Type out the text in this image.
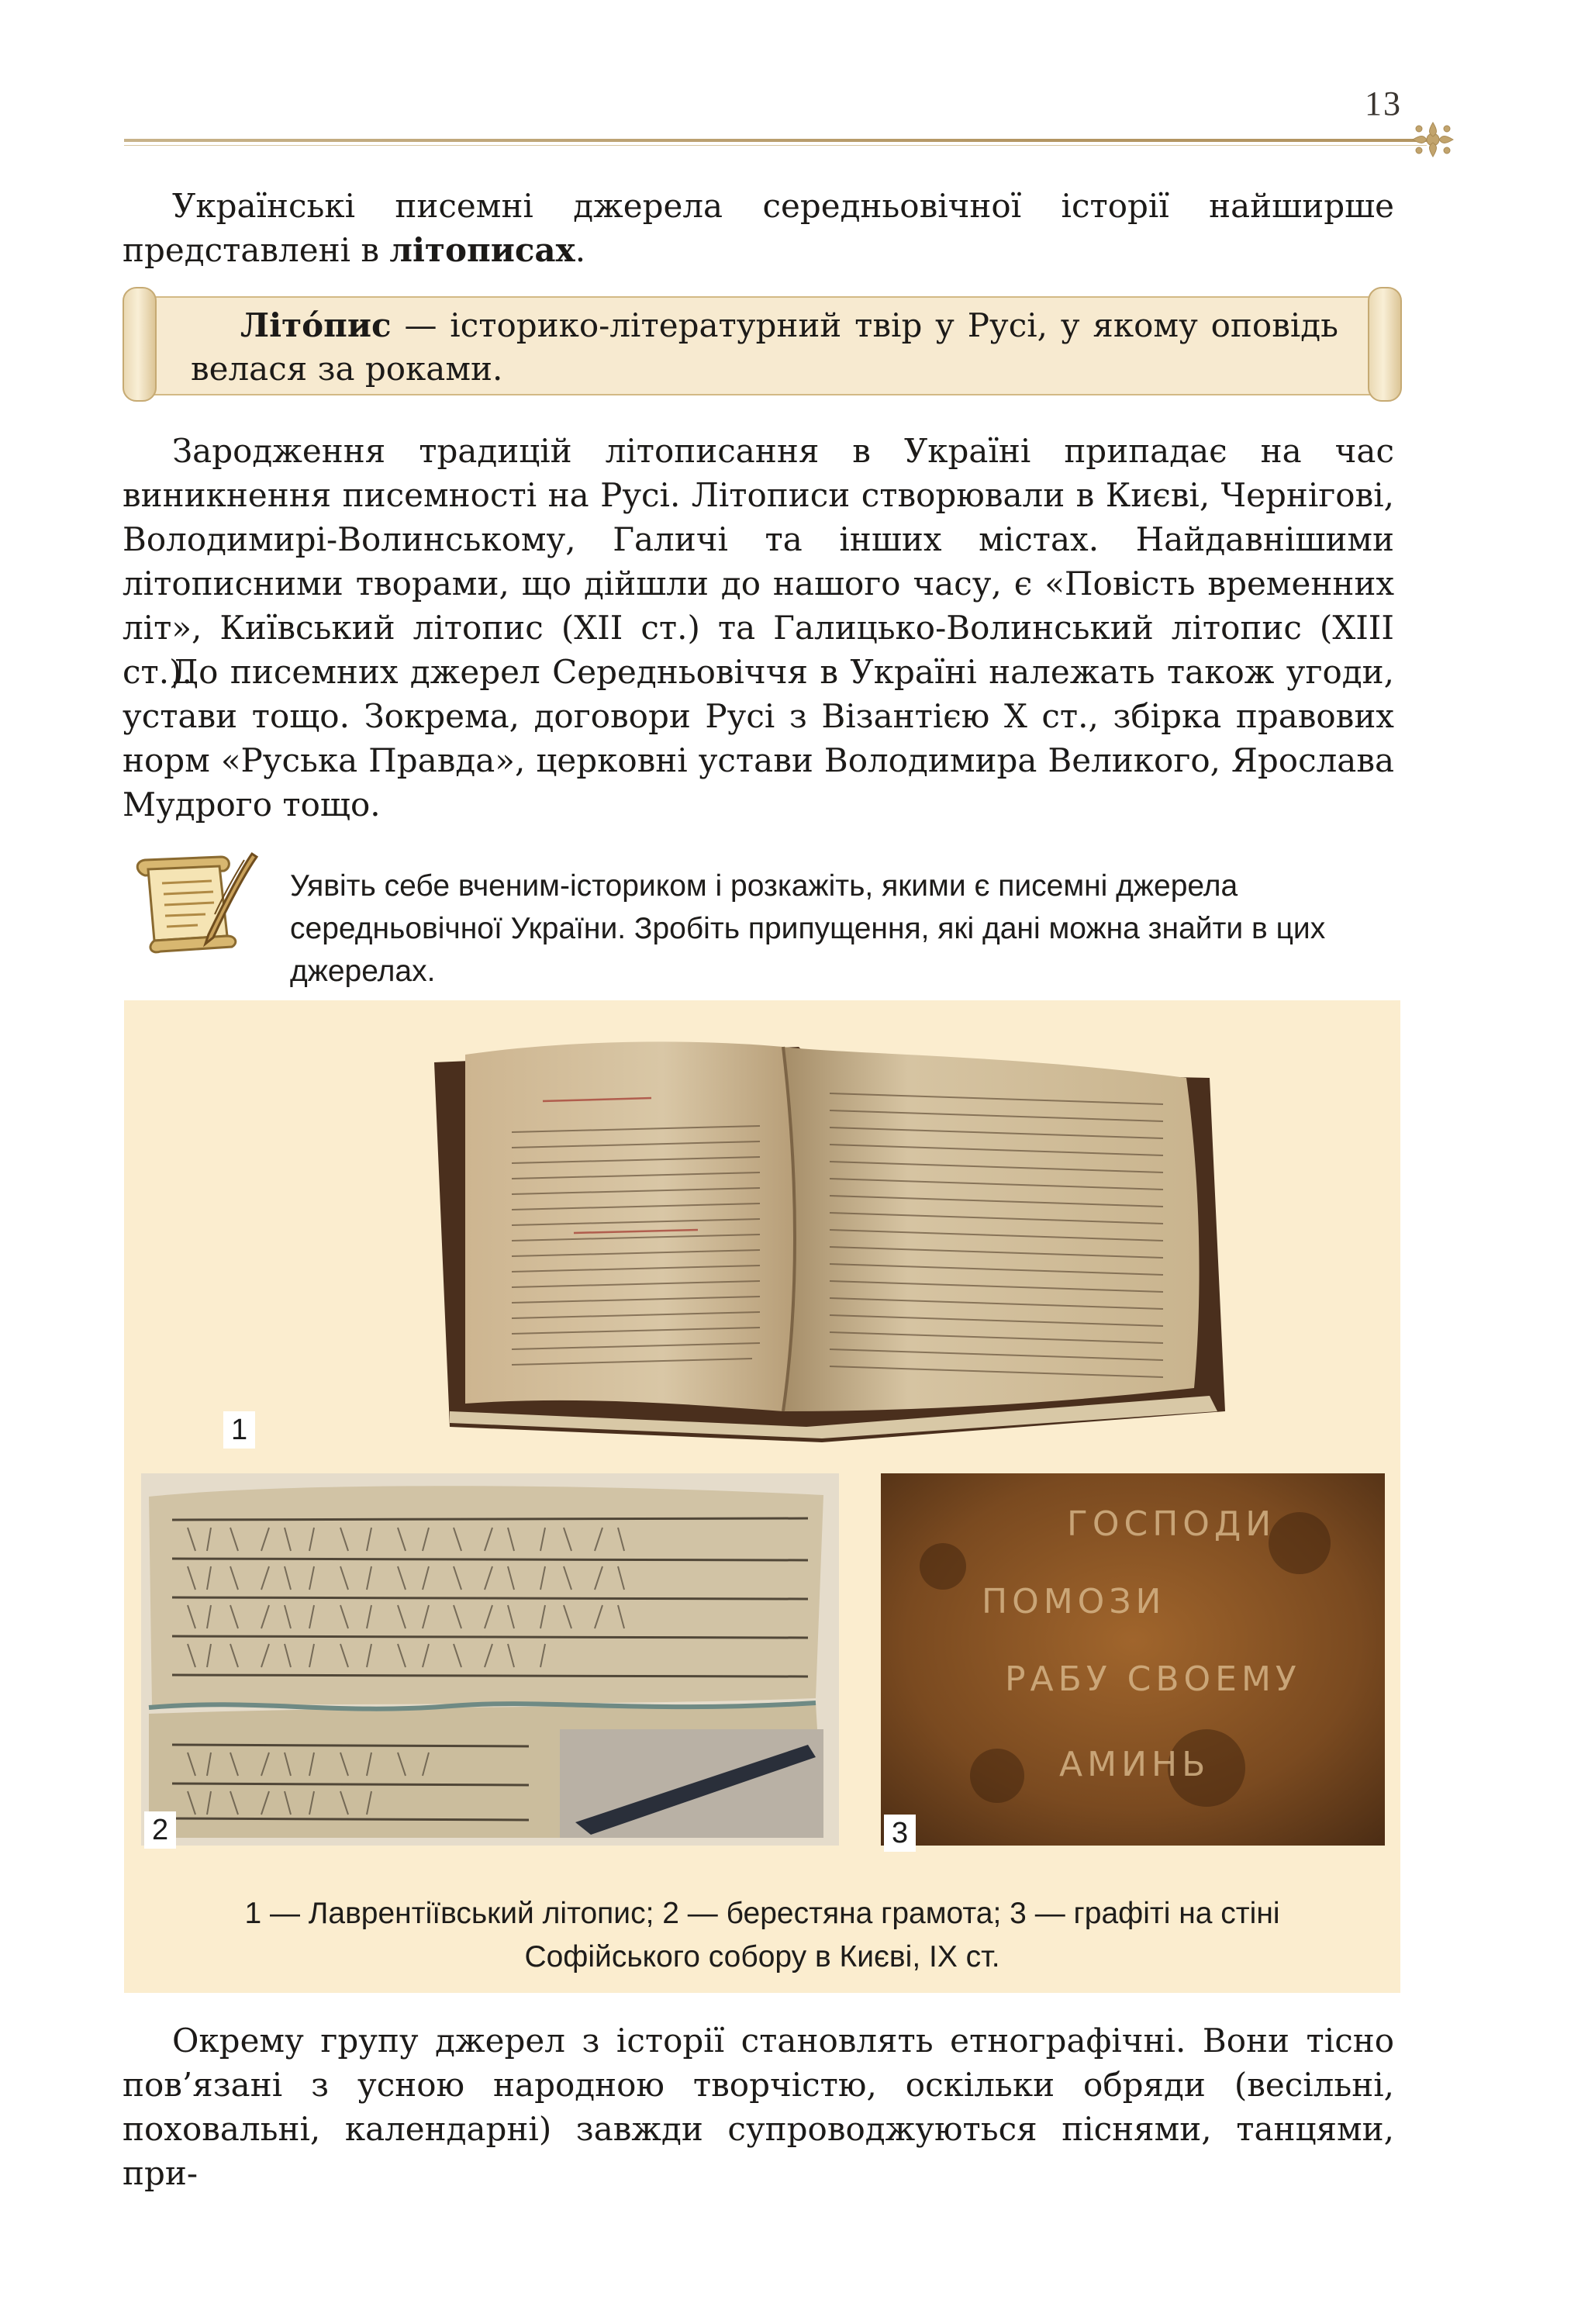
13

Українські писемні джерела середньовічної історії найширше представлені в літописах.

Літо́пис — історико-літературний твір у Русі, у якому оповідь велася за роками.

Зародження традицій літописання в Україні припадає на час виникнення писемності на Русі. Літописи створювали в Києві, Чернігові, Володимирі-Волинському, Галичі та інших містах. Найдавнішими літописними творами, що дійшли до нашого часу, є «Повість временних літ», Київський літопис (XII ст.) та Галицько-Волинський літопис (XIII ст.).

До писемних джерел Середньовіччя в Україні належать також угоди, устави тощо. Зокрема, договори Русі з Візантією X ст., збірка правових норм «Руська Правда», церковні устави Володимира Великого, Ярослава Мудрого тощо.

Уявіть себе вченим-істориком і розкажіть, якими є писемні джерела середньовічної України. Зробіть припущення, які дані можна знайти в цих джерелах.

1
2
ГОСПОДИ
ПОМОЗИ
РАБУ СВОЕМУ
АМИНЬ
3

1 — Лаврентіївський літопис; 2 — берестяна грамота; 3 — графіті на стіні
Софійського собору в Києві, IX ст.

Окрему групу джерел з історії становлять етнографічні. Вони тісно пов’язані з усною народною творчістю, оскільки обряди (весільні, поховальні, календарні) завжди супроводжуються піснями, танцями, при-
